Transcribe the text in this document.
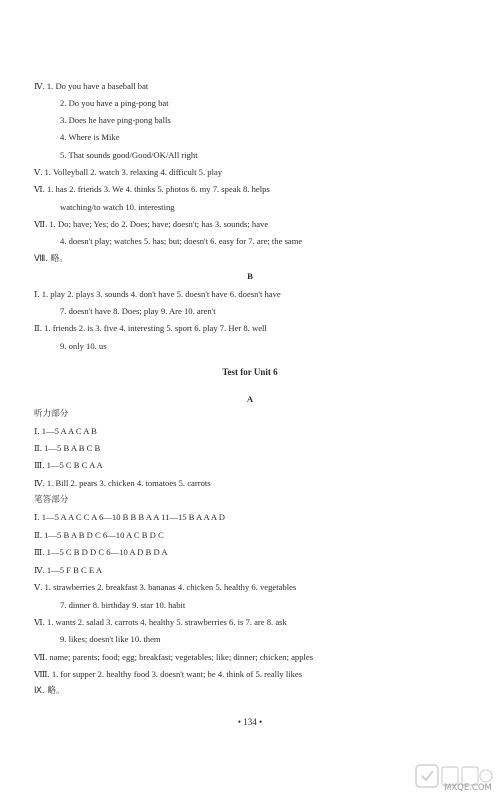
Ⅳ. 1. Do you have a baseball bat
2. Do you have a ping-pong bat
3. Does he have ping-pong balls
4. Where is Mike
5. That sounds good/Good/OK/All right
Ⅴ. 1. Volleyball 2. watch 3. relaxing 4. difficult 5. play
Ⅵ. 1. has 2. friends 3. We 4. thinks 5. photos 6. my 7. speak 8. helps
watching/to watch 10. interesting
Ⅶ. 1. Do; have; Yes; do 2. Does; have; doesn't; has 3. sounds; have
4. doesn't play; watches 5. has; but; doesn't 6. easy for 7. are; the same
Ⅷ. 略。
B
Ⅰ. 1. play 2. plays 3. sounds 4. don't have 5. doesn't have 6. doesn't have
7. doesn't have 8. Does; play 9. Are 10. aren't
Ⅱ. 1. friends 2. is 3. five 4. interesting 5. sport 6. play 7. Her 8. well
9. only 10. us
Test for Unit 6
A
听力部分
Ⅰ. 1—5 A A C A B
Ⅱ. 1—5 B A B C B
Ⅲ. 1—5 C B C A A
Ⅳ. 1. Bill 2. pears 3. chicken 4. tomatoes 5. carrots
笔答部分
Ⅰ. 1—5 A A C C A 6—10 B B B A A 11—15 B A A A D
Ⅱ. 1—5 B A B D C 6—10 A C B D C
Ⅲ. 1—5 C B D D C 6—10 A D B D A
Ⅳ. 1—5 F B C E A
Ⅴ. 1. strawberries 2. breakfast 3. bananas 4. chicken 5. healthy 6. vegetables
7. dinner 8. birthday 9. star 10. habit
Ⅵ. 1. wants 2. salad 3. carrots 4. healthy 5. strawberries 6. is 7. are 8. ask
9. likes; doesn't like 10. them
Ⅶ. name; parents; food; egg; breakfast; vegetables; like; dinner; chicken; apples
Ⅷ. 1. for supper 2. healthy food 3. doesn't want; be 4. think of 5. really likes
Ⅸ. 略。
• 134 •
MXQE.COM
